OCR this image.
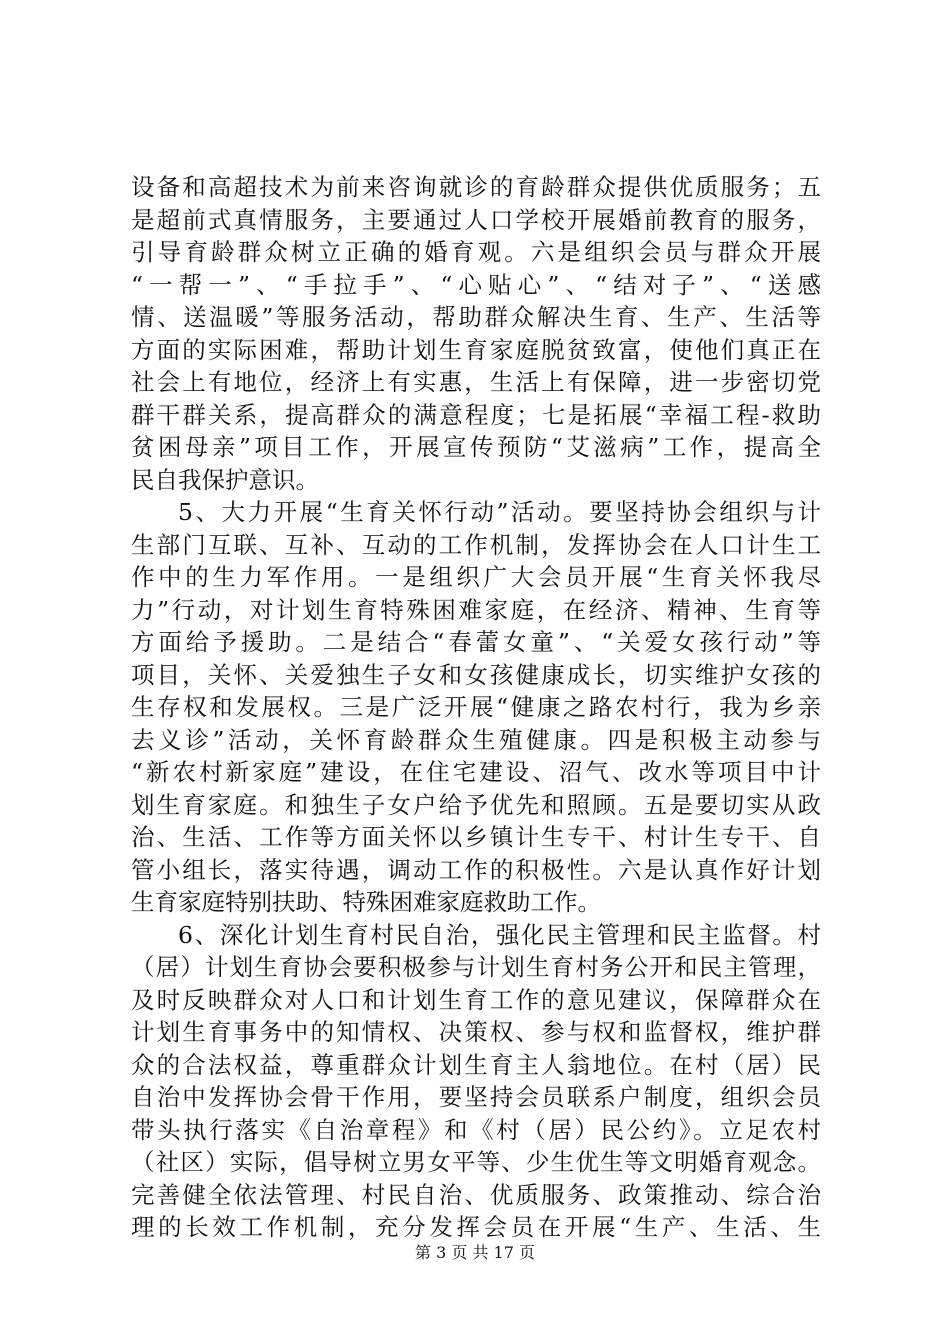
设备和高超技术为前来咨询就诊的育龄群众提供优质服务；五
是超前式真情服务，主要通过人口学校开展婚前教育的服务，
引导育龄群众树立正确的婚育观。六是组织会员与群众开展
“一帮一”、“手拉手”、“心贴心”、“结对子”、“送感
情、送温暖”等服务活动，帮助群众解决生育、生产、生活等
方面的实际困难，帮助计划生育家庭脱贫致富，使他们真正在
社会上有地位，经济上有实惠，生活上有保障，进一步密切党
群干群关系，提高群众的满意程度；七是拓展“幸福工程-救助
贫困母亲”项目工作，开展宣传预防“艾滋病”工作，提高全
民自我保护意识。
5、大力开展“生育关怀行动”活动。要坚持协会组织与计
生部门互联、互补、互动的工作机制，发挥协会在人口计生工
作中的生力军作用。一是组织广大会员开展“生育关怀我尽
力”行动，对计划生育特殊困难家庭，在经济、精神、生育等
方面给予援助。二是结合“春蕾女童”、“关爱女孩行动”等
项目，关怀、关爱独生子女和女孩健康成长，切实维护女孩的
生存权和发展权。三是广泛开展“健康之路农村行，我为乡亲
去义诊”活动，关怀育龄群众生殖健康。四是积极主动参与
“新农村新家庭”建设，在住宅建设、沼气、改水等项目中计
划生育家庭。和独生子女户给予优先和照顾。五是要切实从政
治、生活、工作等方面关怀以乡镇计生专干、村计生专干、自
管小组长，落实待遇，调动工作的积极性。六是认真作好计划
生育家庭特别扶助、特殊困难家庭救助工作。
6、深化计划生育村民自治，强化民主管理和民主监督。村
（居）计划生育协会要积极参与计划生育村务公开和民主管理，
及时反映群众对人口和计划生育工作的意见建议，保障群众在
计划生育事务中的知情权、决策权、参与权和监督权，维护群
众的合法权益，尊重群众计划生育主人翁地位。在村（居）民
自治中发挥协会骨干作用，要坚持会员联系户制度，组织会员
带头执行落实《自治章程》和《村（居）民公约》。立足农村
（社区）实际，倡导树立男女平等、少生优生等文明婚育观念。
完善健全依法管理、村民自治、优质服务、政策推动、综合治
理的长效工作机制，充分发挥会员在开展“生产、生活、生
第 3 页 共 17 页
